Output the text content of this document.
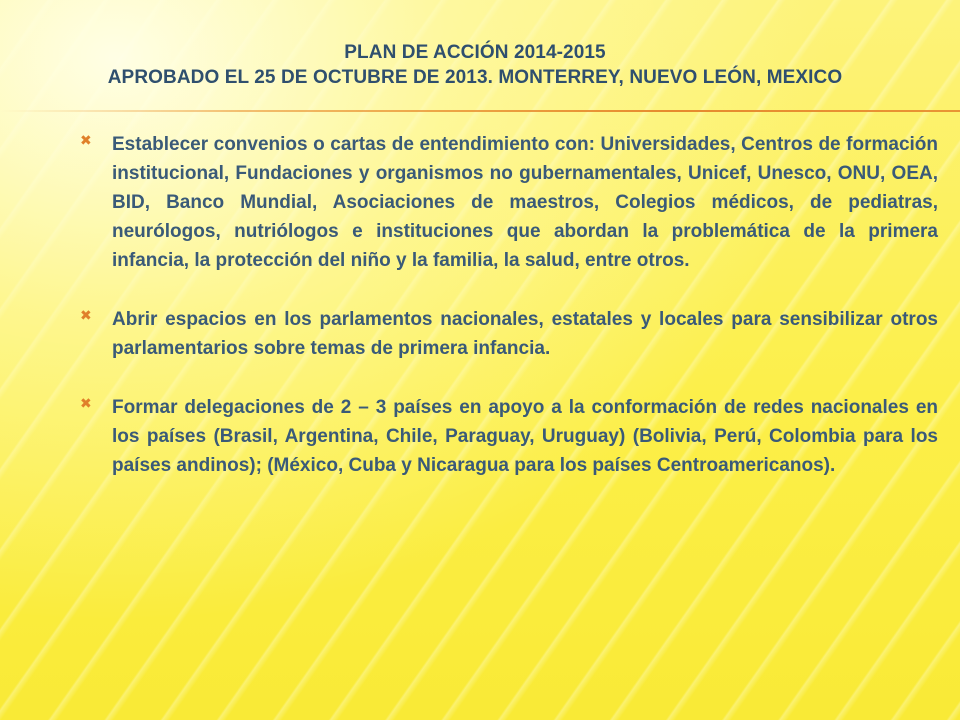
PLAN DE ACCIÓN 2014-2015
APROBADO EL 25 DE OCTUBRE DE 2013. MONTERREY, NUEVO LEÓN, MEXICO
✖ Establecer convenios o cartas de entendimiento con: Universidades, Centros de formación institucional, Fundaciones y organismos no gubernamentales, Unicef, Unesco, ONU, OEA, BID, Banco Mundial, Asociaciones de maestros, Colegios médicos, de pediatras, neurólogos, nutriólogos e instituciones que abordan la problemática de la primera infancia, la protección del niño y la familia, la salud, entre otros.
✖ Abrir espacios en los parlamentos nacionales, estatales y locales para sensibilizar otros parlamentarios sobre temas de primera infancia.
✖ Formar delegaciones de 2 – 3 países en apoyo a la conformación de redes nacionales en los países (Brasil, Argentina, Chile, Paraguay, Uruguay) (Bolivia, Perú, Colombia para los países andinos); (México, Cuba y Nicaragua para los países Centroamericanos).
